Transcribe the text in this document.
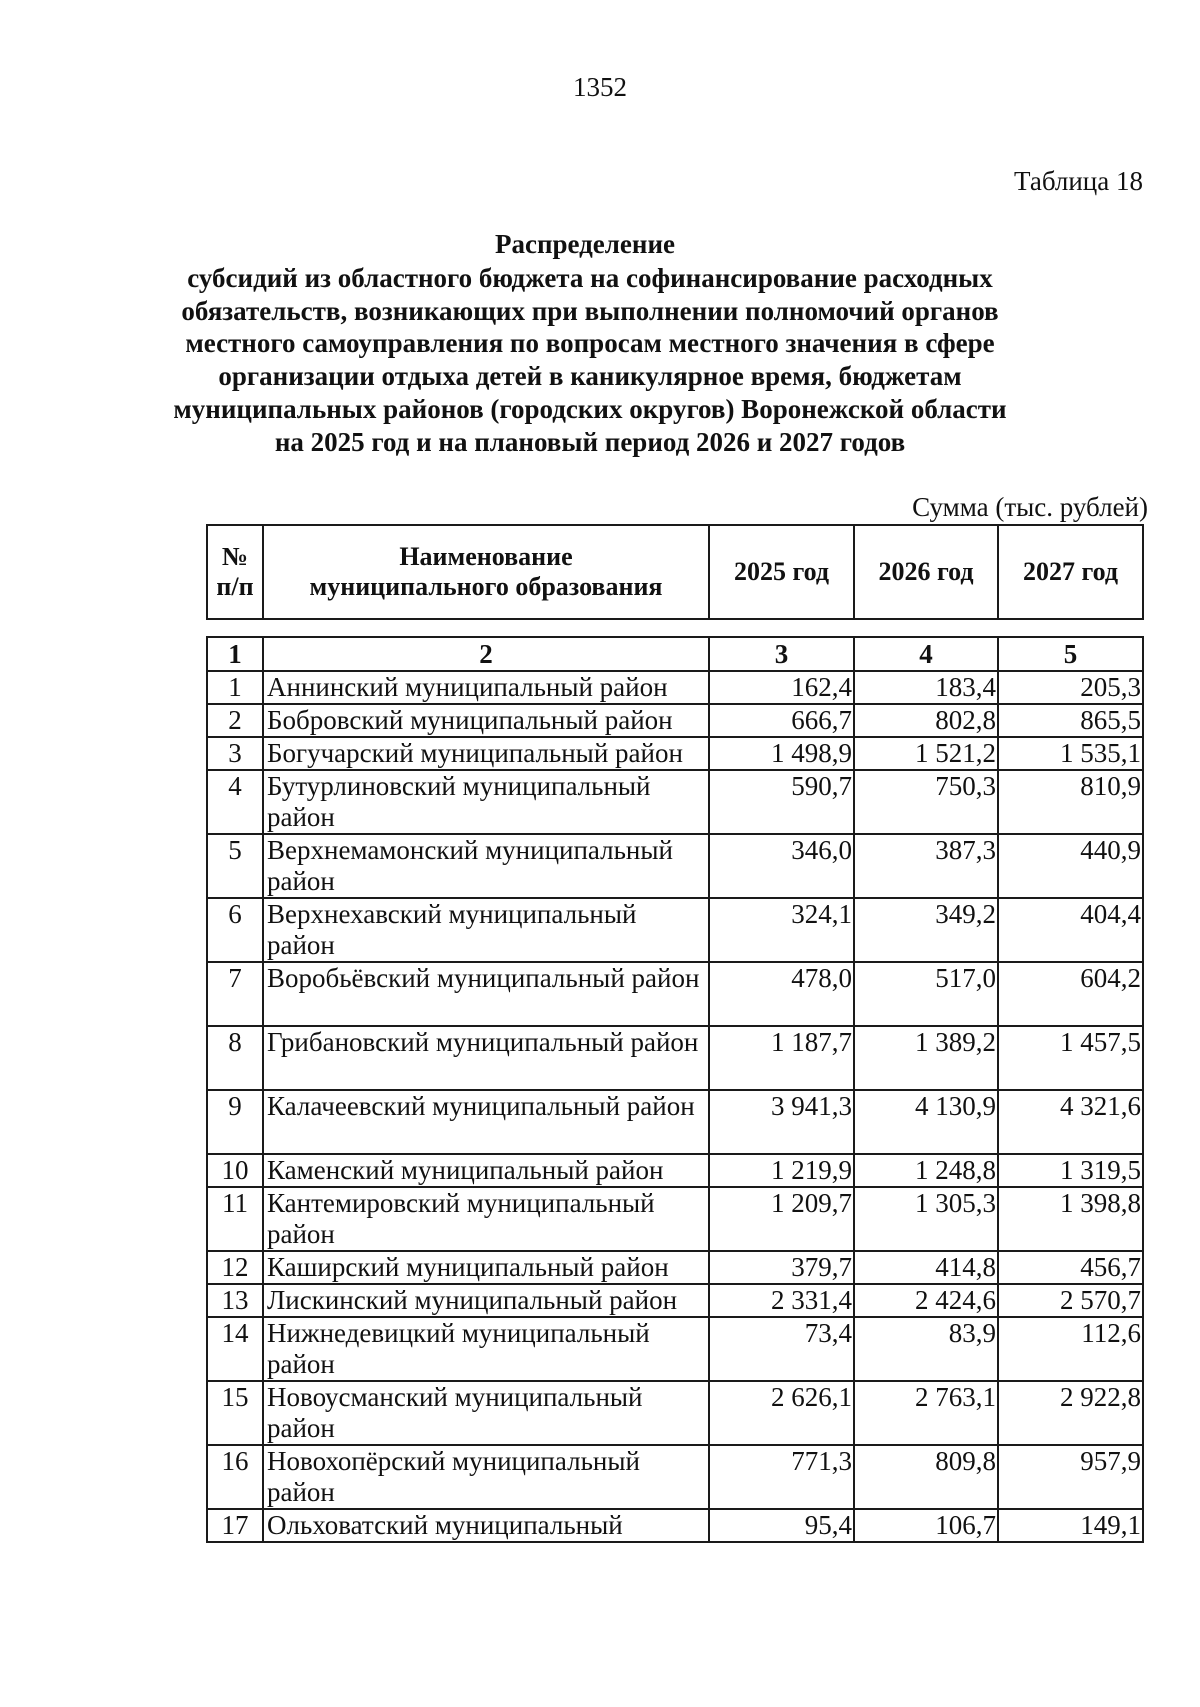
1352
Таблица 18
Распределение
субсидий из областного бюджета на софинансирование расходных
обязательств, возникающих при выполнении полномочий органов
местного самоуправления по вопросам местного значения в сфере
организации отдыха детей в каникулярное время, бюджетам
муниципальных районов (городских округов) Воронежской области
на 2025 год и на плановый период 2026 и 2027 годов
Сумма (тыс. рублей)
№ п/п	Наименование муниципального образования	2025 год	2026 год	2027 год
1	2	3	4	5
1	Аннинский муниципальный район	162,4	183,4	205,3
2	Бобровский муниципальный район	666,7	802,8	865,5
3	Богучарский муниципальный район	1 498,9	1 521,2	1 535,1
4	Бутурлиновский муниципальный район	590,7	750,3	810,9
5	Верхнемамонский муниципальный район	346,0	387,3	440,9
6	Верхнехавский муниципальный район	324,1	349,2	404,4
7	Воробьёвский муниципальный район	478,0	517,0	604,2
8	Грибановский муниципальный район	1 187,7	1 389,2	1 457,5
9	Калачеевский муниципальный район	3 941,3	4 130,9	4 321,6
10	Каменский муниципальный район	1 219,9	1 248,8	1 319,5
11	Кантемировский муниципальный район	1 209,7	1 305,3	1 398,8
12	Каширский муниципальный район	379,7	414,8	456,7
13	Лискинский муниципальный район	2 331,4	2 424,6	2 570,7
14	Нижнедевицкий муниципальный район	73,4	83,9	112,6
15	Новоусманский муниципальный район	2 626,1	2 763,1	2 922,8
16	Новохопёрский муниципальный район	771,3	809,8	957,9
17	Ольховатский муниципальный	95,4	106,7	149,1
